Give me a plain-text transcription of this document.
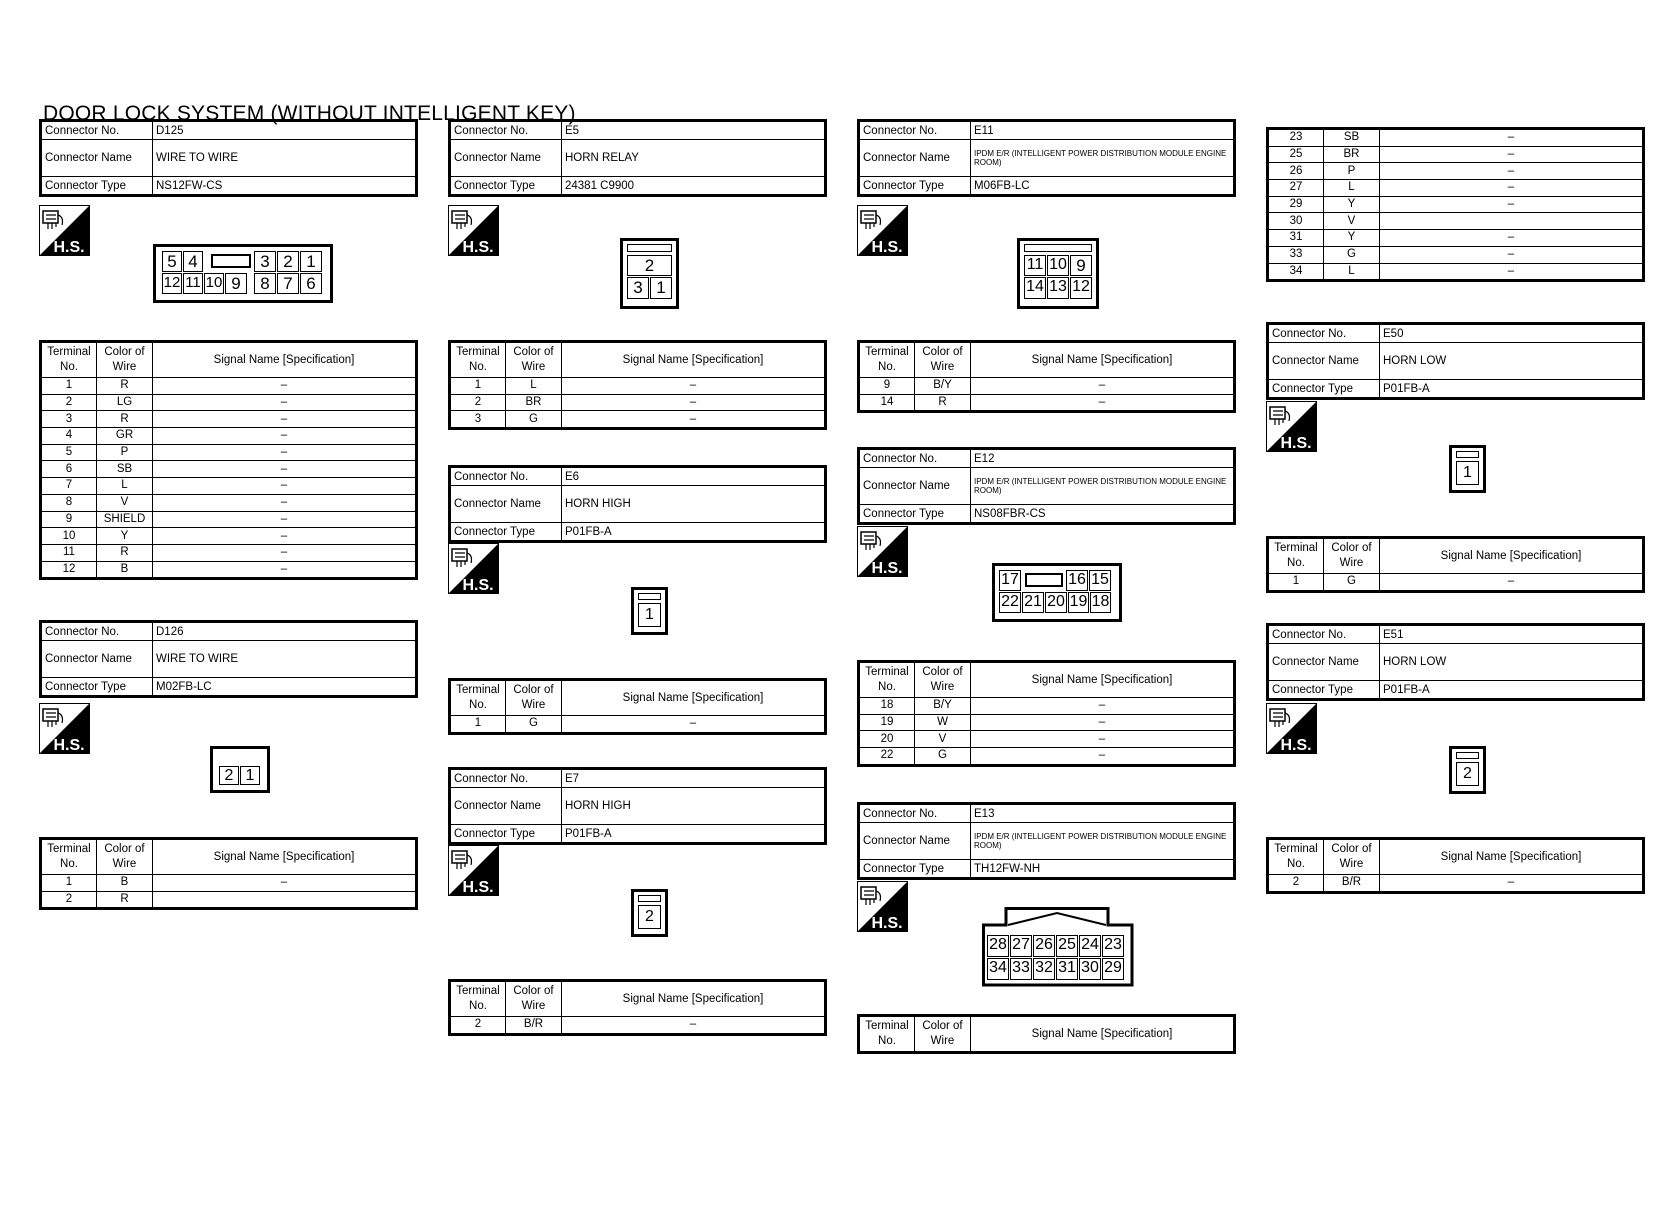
DOOR LOCK SYSTEM (WITHOUT INTELLIGENT KEY)
Connector No.	D125
Connector Name	WIRE TO WIRE
Connector Type	NS12FW-CS
H.S.
5 4	3 2 1
12 11 10 9	8 7 6
Terminal No.	Color of Wire	Signal Name [Specification]
1	R	–
2	LG	–
3	R	–
4	GR	–
5	P	–
6	SB	–
7	L	–
8	V	–
9	SHIELD	–
10	Y	–
11	R	–
12	B	–
Connector No.	D126
Connector Name	WIRE TO WIRE
Connector Type	M02FB-LC
H.S.
2 1
Terminal No.	Color of Wire	Signal Name [Specification]
1	B	–
2	R	
Connector No.	E5
Connector Name	HORN RELAY
Connector Type	24381 C9900
H.S.
2
3 1
Terminal No.	Color of Wire	Signal Name [Specification]
1	L	–
2	BR	–
3	G	–
Connector No.	E6
Connector Name	HORN HIGH
Connector Type	P01FB-A
H.S.
1
Terminal No.	Color of Wire	Signal Name [Specification]
1	G	–
Connector No.	E7
Connector Name	HORN HIGH
Connector Type	P01FB-A
H.S.
2
Terminal No.	Color of Wire	Signal Name [Specification]
2	B/R	–
Connector No.	E11
Connector Name	IPDM E/R (INTELLIGENT POWER DISTRIBUTION MODULE ENGINE ROOM)
Connector Type	M06FB-LC
H.S.
11 10 9
14 13 12
Terminal No.	Color of Wire	Signal Name [Specification]
9	B/Y	–
14	R	–
Connector No.	E12
Connector Name	IPDM E/R (INTELLIGENT POWER DISTRIBUTION MODULE ENGINE ROOM)
Connector Type	NS08FBR-CS
H.S.
17	16 15
22 21 20 19 18
Terminal No.	Color of Wire	Signal Name [Specification]
18	B/Y	–
19	W	–
20	V	–
22	G	–
Connector No.	E13
Connector Name	IPDM E/R (INTELLIGENT POWER DISTRIBUTION MODULE ENGINE ROOM)
Connector Type	TH12FW-NH
H.S.
28 27 26 25 24 23
34 33 32 31 30 29
Terminal No.	Color of Wire	Signal Name [Specification]
23	SB	–
25	BR	–
26	P	–
27	L	–
29	Y	–
30	V	
31	Y	–
33	G	–
34	L	–
Connector No.	E50
Connector Name	HORN LOW
Connector Type	P01FB-A
H.S.
1
Terminal No.	Color of Wire	Signal Name [Specification]
1	G	–
Connector No.	E51
Connector Name	HORN LOW
Connector Type	P01FB-A
H.S.
2
Terminal No.	Color of Wire	Signal Name [Specification]
2	B/R	–
